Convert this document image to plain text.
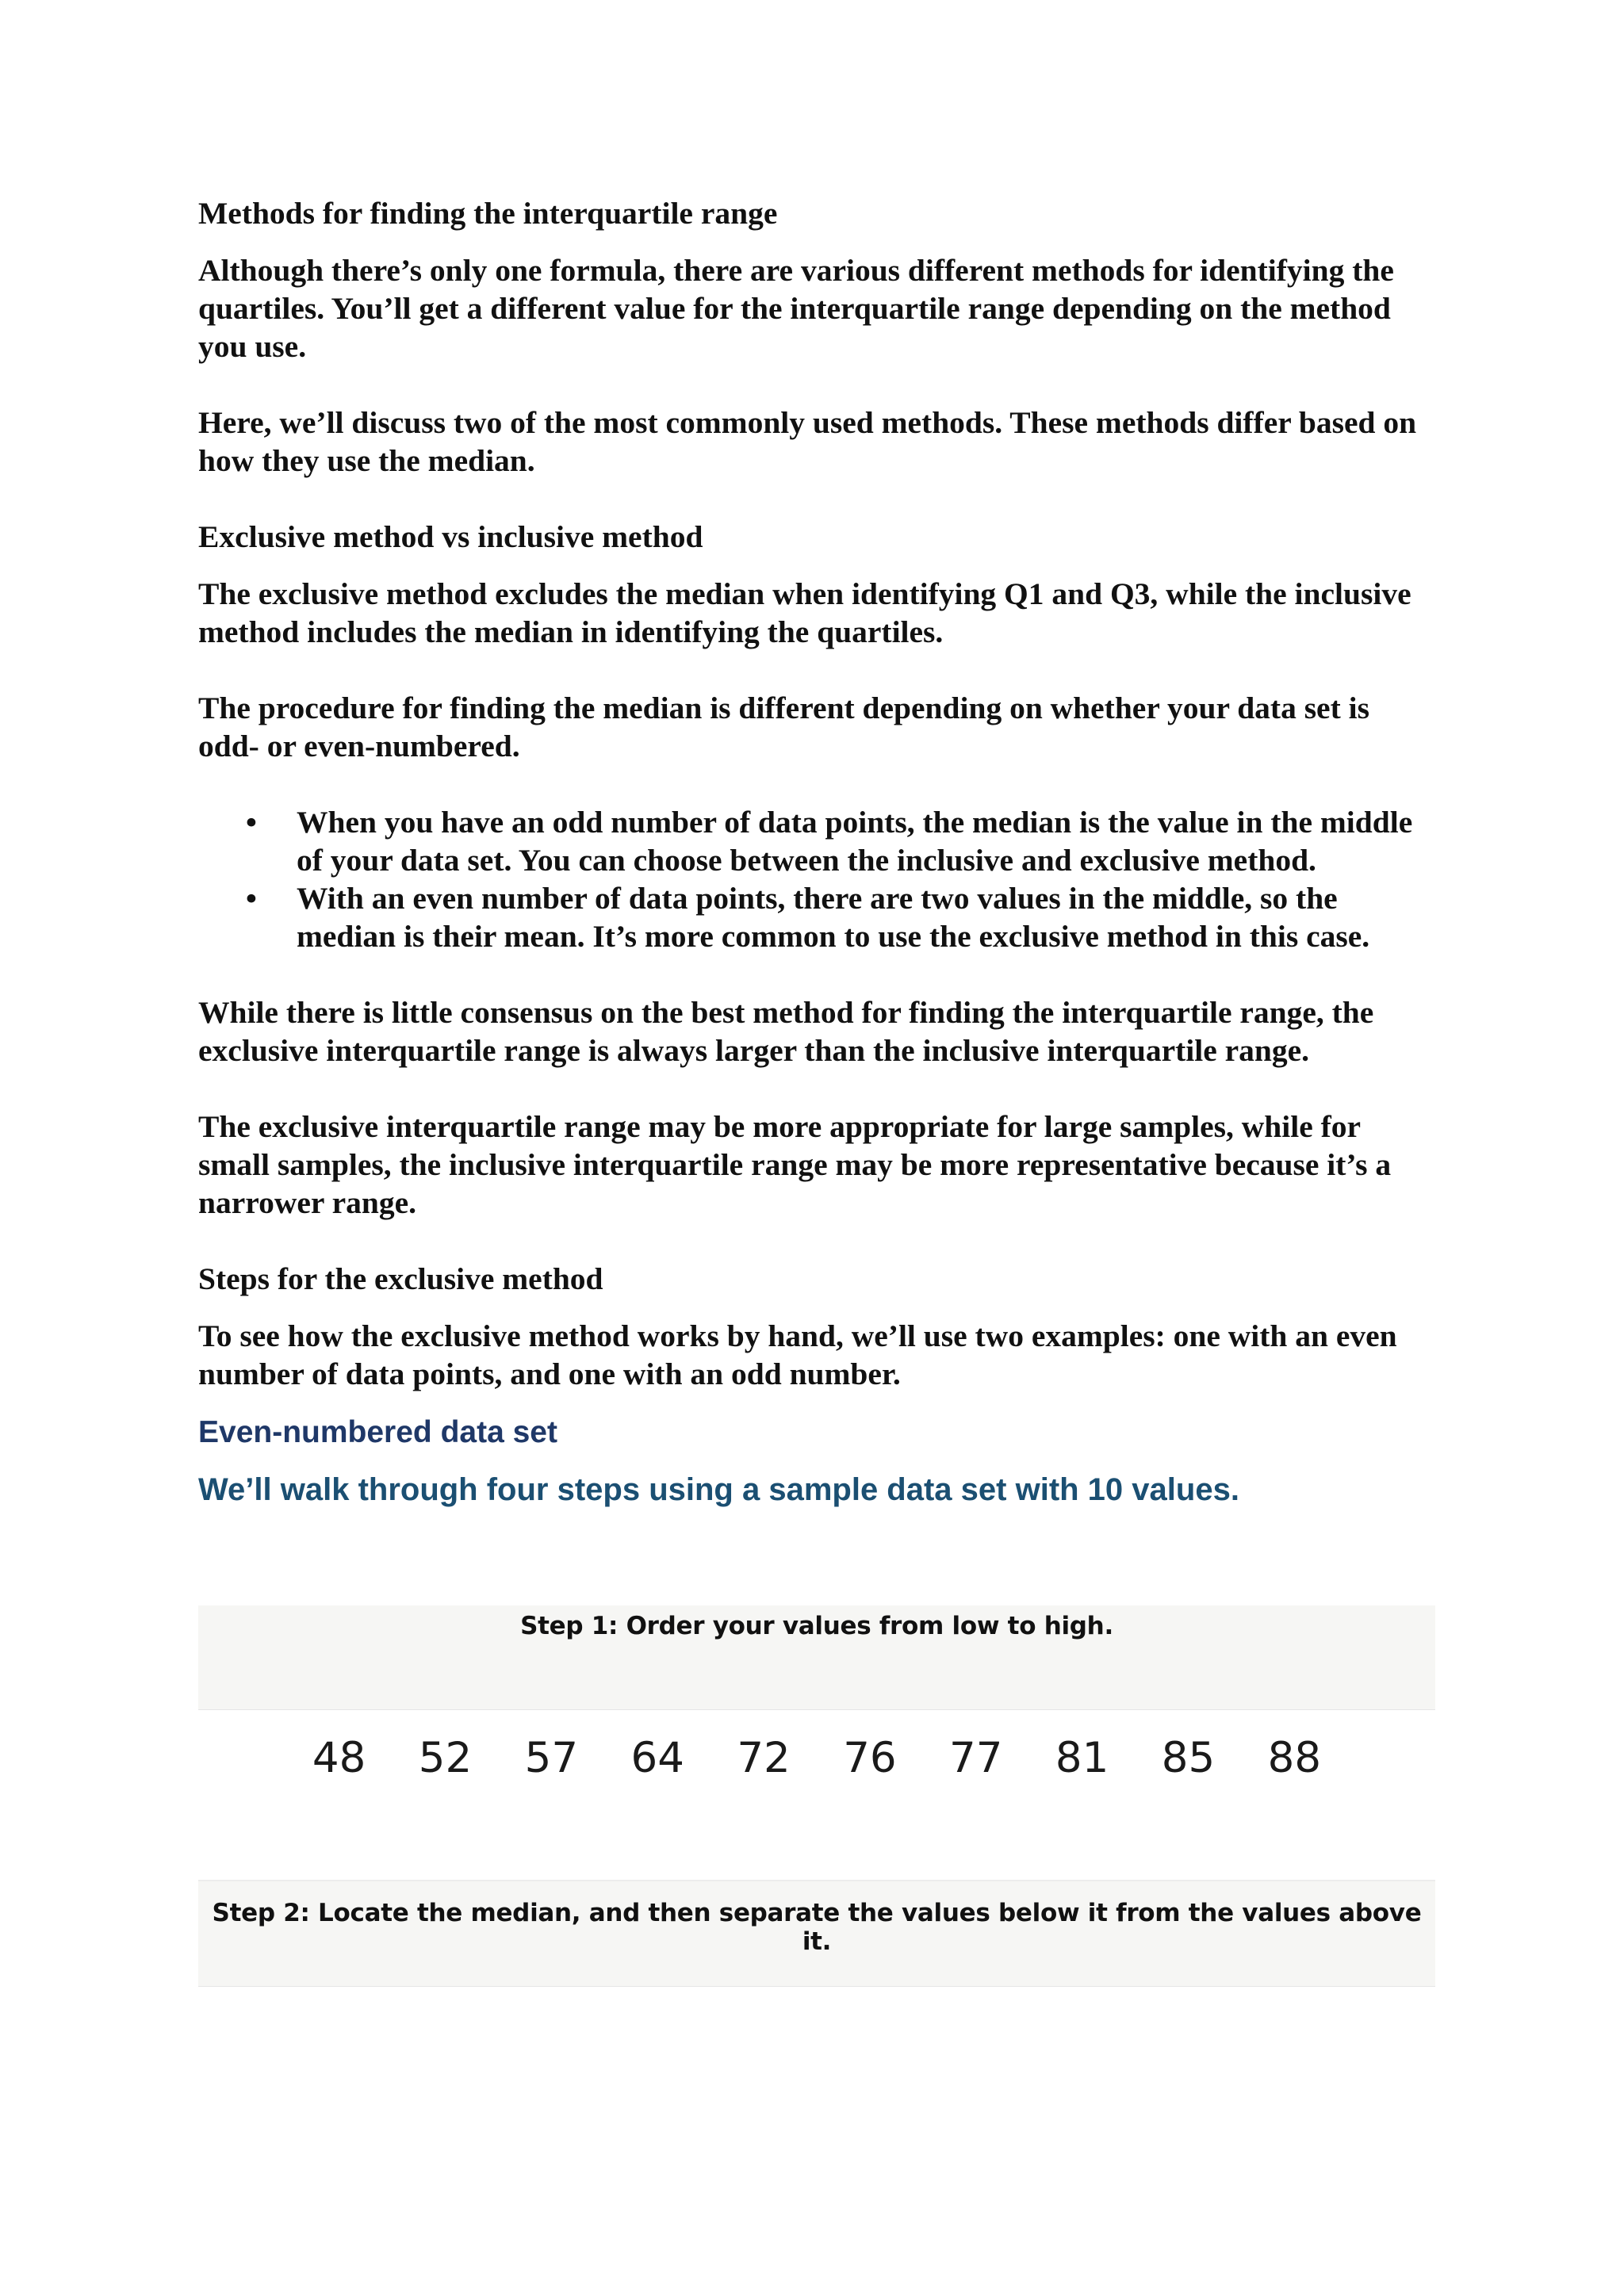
Methods for finding the interquartile range
Although there’s only one formula, there are various different methods for identifying the quartiles. You’ll get a different value for the interquartile range depending on the method you use.
Here, we’ll discuss two of the most commonly used methods. These methods differ based on how they use the median.
Exclusive method vs inclusive method
The exclusive method excludes the median when identifying Q1 and Q3, while the inclusive method includes the median in identifying the quartiles.
The procedure for finding the median is different depending on whether your data set is odd- or even-numbered.
• When you have an odd number of data points, the median is the value in the middle of your data set. You can choose between the inclusive and exclusive method.
• With an even number of data points, there are two values in the middle, so the median is their mean. It’s more common to use the exclusive method in this case.
While there is little consensus on the best method for finding the interquartile range, the exclusive interquartile range is always larger than the inclusive interquartile range.
The exclusive interquartile range may be more appropriate for large samples, while for small samples, the inclusive interquartile range may be more representative because it’s a narrower range.
Steps for the exclusive method
To see how the exclusive method works by hand, we’ll use two examples: one with an even number of data points, and one with an odd number.
Even-numbered data set
We’ll walk through four steps using a sample data set with 10 values.
Step 1: Order your values from low to high.
48 52 57 64 72 76 77 81 85 88
Step 2: Locate the median, and then separate the values below it from the values above it.
